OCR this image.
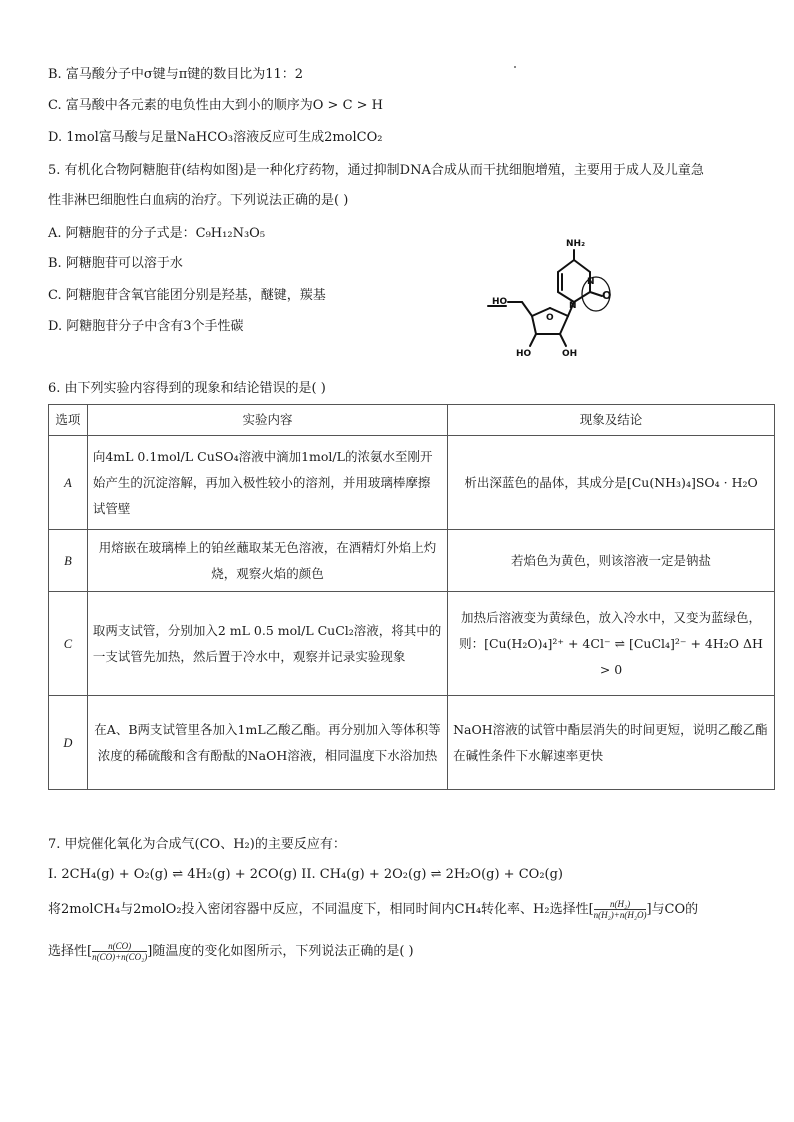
B. 富马酸分子中σ键与π键的数目比为11：2
C. 富马酸中各元素的电负性由大到小的顺序为O > C > H
D. 1mol富马酸与足量NaHCO₃溶液反应可生成2molCO₂
5. 有机化合物阿糖胞苷(结构如图)是一种化疗药物，通过抑制DNA合成从而干扰细胞增殖，主要用于成人及儿童急
性非淋巴细胞性白血病的治疗。下列说法正确的是( )
A. 阿糖胞苷的分子式是：C₉H₁₂N₃O₅
B. 阿糖胞苷可以溶于水
C. 阿糖胞苷含氧官能团分别是羟基，醚键，羰基
D. 阿糖胞苷分子中含有3个手性碳
NH₂
N
N
O
HO
O
HO	OH
6. 由下列实验内容得到的现象和结论错误的是( )
选项	实验内容	现象及结论
A	向4mL 0.1mol/L CuSO₄溶液中滴加1mol/L的浓氨水至刚开始产生的沉淀溶解，再加入极性较小的溶剂，并用玻璃棒摩擦试管壁	析出深蓝色的晶体，其成分是[Cu(NH₃)₄]SO₄ · H₂O
B	用熔嵌在玻璃棒上的铂丝蘸取某无色溶液，在酒精灯外焰上灼烧，观察火焰的颜色	若焰色为黄色，则该溶液一定是钠盐
C	取两支试管，分别加入2 mL 0.5 mol/L CuCl₂溶液，将其中的一支试管先加热，然后置于冷水中，观察并记录实验现象	加热后溶液变为黄绿色，放入冷水中，又变为蓝绿色，则：[Cu(H₂O)₄]²⁺ + 4Cl⁻ ⇌ [CuCl₄]²⁻ + 4H₂O ΔH > 0
D	在A、B两支试管里各加入1mL乙酸乙酯。再分别加入等体积等浓度的稀硫酸和含有酚酞的NaOH溶液，相同温度下水浴加热	NaOH溶液的试管中酯层消失的时间更短，说明乙酸乙酯在碱性条件下水解速率更快
7. 甲烷催化氧化为合成气(CO、H₂)的主要反应有：
I. 2CH₄(g) + O₂(g) ⇌ 4H₂(g) + 2CO(g) II. CH₄(g) + 2O₂(g) ⇌ 2H₂O(g) + CO₂(g)
将2molCH₄与2molO₂投入密闭容器中反应，不同温度下，相同时间内CH₄转化率、H₂选择性[ $\frac{\text{n(H₂)}}{\text{n(H₂)+n(H₂O)}}$ ]与CO的
选择性[ $\frac{n(CO)}{\text{n(CO)+n(CO₂)}}$ ]随温度的变化如图所示，下列说法正确的是( )
